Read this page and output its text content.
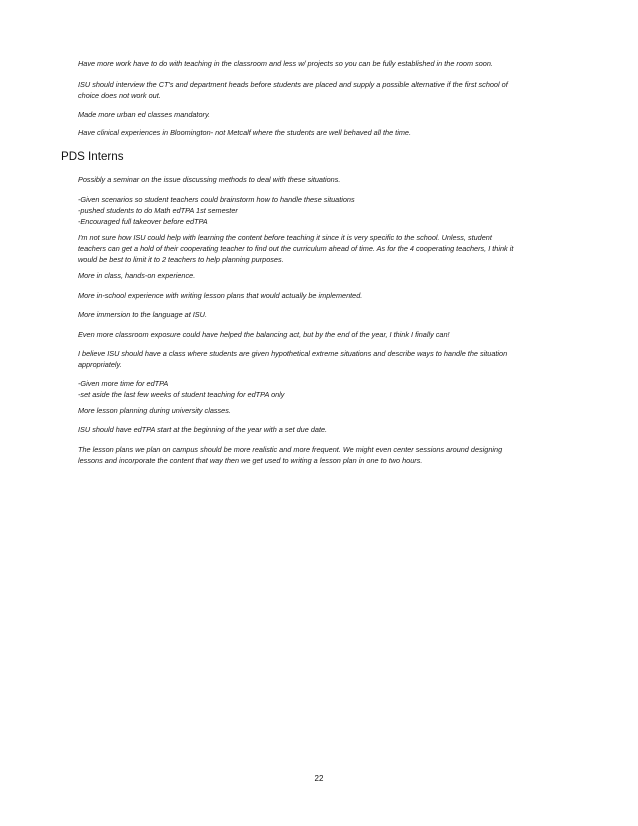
Have more work have to do with teaching in the classroom and less w/ projects so you can be fully established in the room soon.
ISU should interview the CT's and department heads before students are placed and supply a possible alternative if the first school of
choice does not work out.
Made more urban ed classes mandatory.
Have clinical experiences in Bloomington- not Metcalf where the students are well behaved all the time.
PDS Interns
Possibly a seminar on the issue discussing methods to deal with these situations.
-Given scenarios so student teachers could brainstorm how to handle these situations
-pushed students to do Math edTPA 1st semester
-Encouraged full takeover before edTPA
I'm not sure how ISU could help with learning the content before teaching it since it is very specific to the school. Unless, student
teachers can get a hold of their cooperating teacher to find out the curriculum ahead of time. As for the 4 cooperating teachers, I think it
would be best to limit it to 2 teachers to help planning purposes.
More in class, hands-on experience.
More in-school experience with writing lesson plans that would actually be implemented.
More immersion to the language at ISU.
Even more classroom exposure could have helped the balancing act, but by the end of the year, I think I finally can!
I believe ISU should have a class where students are given hypothetical extreme situations and describe ways to handle the situation
appropriately.
-Given more time for edTPA
-set aside the last few weeks of student teaching for edTPA only
More lesson planning during university classes.
ISU should have edTPA start at the beginning of the year with a set due date.
The lesson plans we plan on campus should be more realistic and more frequent. We might even center sessions around designing
lessons and incorporate the content that way then we get used to writing a lesson plan in one to two hours.
22
